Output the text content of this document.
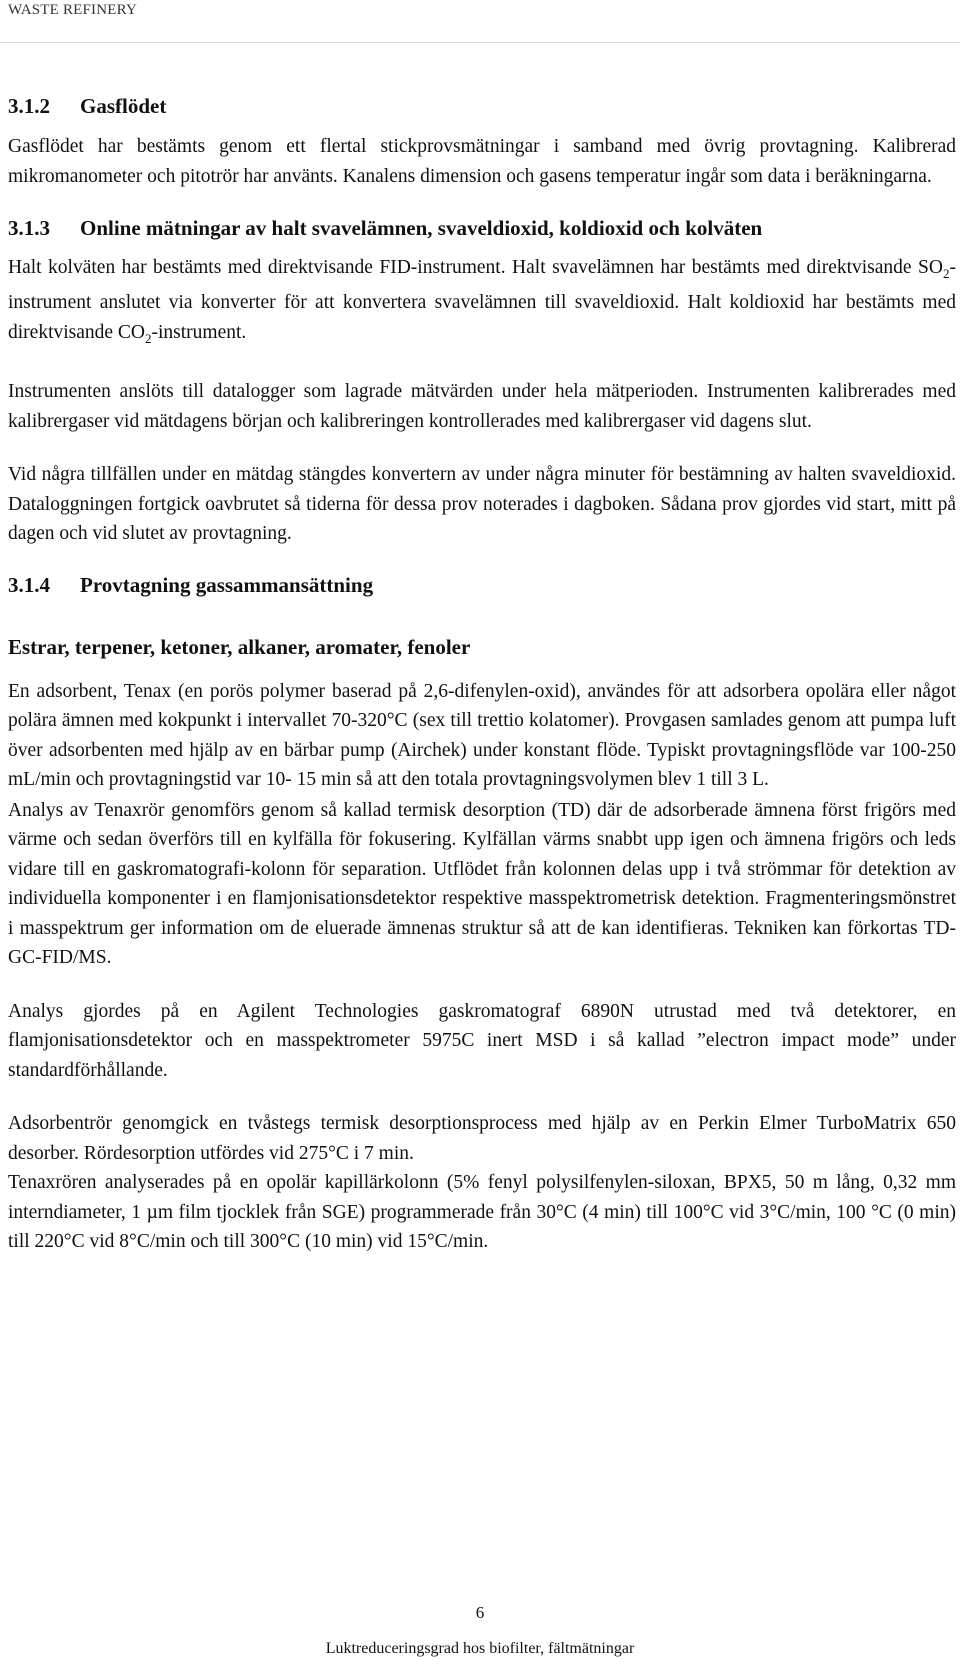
WASTE REFINERY
3.1.2 Gasflödet

Gasflödet har bestämts genom ett flertal stickprovsmätningar i samband med övrig provtagning. Kalibrerad mikromanometer och pitotrör har använts. Kanalens dimension och gasens temperatur ingår som data i beräkningarna.

3.1.3 Online mätningar av halt svavelämnen, svaveldioxid, koldioxid och kolväten

Halt kolväten har bestämts med direktvisande FID-instrument. Halt svavelämnen har bestämts med direktvisande $SO_2$-instrument anslutet via konverter för att konvertera svavelämnen till svaveldioxid. Halt koldioxid har bestämts med direktvisande $CO_2$-instrument.

Instrumenten anslöts till datalogger som lagrade mätvärden under hela mätperioden. Instrumenten kalibrerades med kalibrergaser vid mätdagens början och kalibreringen kontrollerades med kalibrergaser vid dagens slut.

Vid några tillfällen under en mätdag stängdes konvertern av under några minuter för bestämning av halten svaveldioxid. Dataloggningen fortgick oavbrutet så tiderna för dessa prov noterades i dagboken. Sådana prov gjordes vid start, mitt på dagen och vid slutet av provtagning.

3.1.4 Provtagning gassammansättning
Estrar, terpener, ketoner, alkaner, aromater, fenoler

En adsorbent, Tenax (en porös polymer baserad på 2,6-difenylen-oxid), användes för att adsorbera opolära eller något polära ämnen med kokpunkt i intervallet 70-320°C (sex till trettio kolatomer). Provgasen samlades genom att pumpa luft över adsorbenten med hjälp av en bärbar pump (Airchek) under konstant flöde. Typiskt provtagningsflöde var 100-250 mL/min och provtagningstid var 10- 15 min så att den totala provtagningsvolymen blev 1 till 3 L.

Analys av Tenaxrör genomförs genom så kallad termisk desorption (TD) där de adsorberade ämnena först frigörs med värme och sedan överförs till en kylfälla för fokusering. Kylfällan värms snabbt upp igen och ämnena frigörs och leds vidare till en gaskromatografi-kolonn för separation. Utflödet från kolonnen delas upp i två strömmar för detektion av individuella komponenter i en flamjonisationsdetektor respektive masspektrometrisk detektion. Fragmenteringsmönstret i masspektrum ger information om de eluerade ämnenas struktur så att de kan identifieras. Tekniken kan förkortas TD-GC-FID/MS.

Analys gjordes på en Agilent Technologies gaskromatograf 6890N utrustad med två detektorer, en flamjonisationsdetektor och en masspektrometer 5975C inert MSD i så kallad ”electron impact mode” under standardförhållande.

Adsorbentrör genomgick en tvåstegs termisk desorptionsprocess med hjälp av en Perkin Elmer TurboMatrix 650 desorber. Rördesorption utfördes vid 275°C i 7 min.

Tenaxrören analyserades på en opolär kapillärkolonn (5% fenyl polysilfenylen-siloxan, BPX5, 50 m lång, 0,32 mm interndiameter, 1 µm film tjocklek från SGE) programmerade från 30°C (4 min) till 100°C vid 3°C/min, 100 °C (0 min) till 220°C vid 8°C/min och till 300°C (10 min) vid 15°C/min.

6
Luktreduceringsgrad hos biofilter, fältmätningar
